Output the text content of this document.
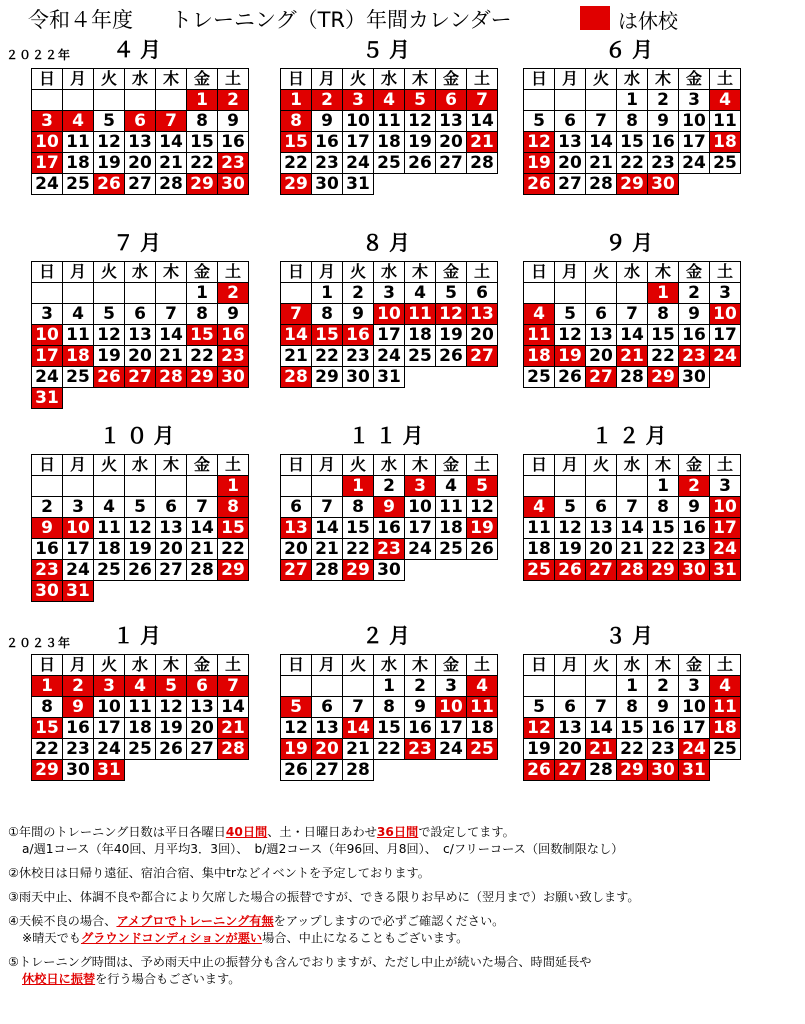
令和４年度 トレーニング（TR）年間カレンダー	は休校
２０２２年
２０２３年
４月
日	月	火	水	木	金	土
					1	2
3	4	5	6	7	8	9
10	11	12	13	14	15	16
17	18	19	20	21	22	23
24	25	26	27	28	29	30
５月
日	月	火	水	木	金	土
1	2	3	4	5	6	7
8	9	10	11	12	13	14
15	16	17	18	19	20	21
22	23	24	25	26	27	28
29	30	31				
６月
日	月	火	水	木	金	土
			1	2	3	4
5	6	7	8	9	10	11
12	13	14	15	16	17	18
19	20	21	22	23	24	25
26	27	28	29	30		
７月
日	月	火	水	木	金	土
					1	2
3	4	5	6	7	8	9
10	11	12	13	14	15	16
17	18	19	20	21	22	23
24	25	26	27	28	29	30
31						
８月
日	月	火	水	木	金	土
	1	2	3	4	5	6
7	8	9	10	11	12	13
14	15	16	17	18	19	20
21	22	23	24	25	26	27
28	29	30	31			
９月
日	月	火	水	木	金	土
				1	2	3
4	5	6	7	8	9	10
11	12	13	14	15	16	17
18	19	20	21	22	23	24
25	26	27	28	29	30	
１０月
日	月	火	水	木	金	土
						1
2	3	4	5	6	7	8
9	10	11	12	13	14	15
16	17	18	19	20	21	22
23	24	25	26	27	28	29
30	31					
１１月
日	月	火	水	木	金	土
		1	2	3	4	5
6	7	8	9	10	11	12
13	14	15	16	17	18	19
20	21	22	23	24	25	26
27	28	29	30			
１２月
日	月	火	水	木	金	土
				1	2	3
4	5	6	7	8	9	10
11	12	13	14	15	16	17
18	19	20	21	22	23	24
25	26	27	28	29	30	31
１月
日	月	火	水	木	金	土
1	2	3	4	5	6	7
8	9	10	11	12	13	14
15	16	17	18	19	20	21
22	23	24	25	26	27	28
29	30	31				
２月
日	月	火	水	木	金	土
			1	2	3	4
5	6	7	8	9	10	11
12	13	14	15	16	17	18
19	20	21	22	23	24	25
26	27	28				
３月
日	月	火	水	木	金	土
			1	2	3	4
5	6	7	8	9	10	11
12	13	14	15	16	17	18
19	20	21	22	23	24	25
26	27	28	29	30	31	
①年間のトレーニング日数は平日各曜日40日間、土・日曜日あわせ36日間で設定してます。
a/週1コース（年40回、月平均3．3回）、　b/週2コース（年96回、月8回）、　c/フリーコース（回数制限なし）
②休校日は日帰り遠征、宿泊合宿、集中trなどイベントを予定しております。
③雨天中止、体調不良や都合により欠席した場合の振替ですが、できる限りお早めに（翌月まで）お願い致します。
④天候不良の場合、アメブロでトレーニング有無をアップしますので必ずご確認ください。
※晴天でもグラウンドコンディションが悪い場合、中止になることもございます。
⑤トレーニング時間は、予め雨天中止の振替分も含んでおりますが、ただし中止が続いた場合、時間延長や
休校日に振替を行う場合もございます。
